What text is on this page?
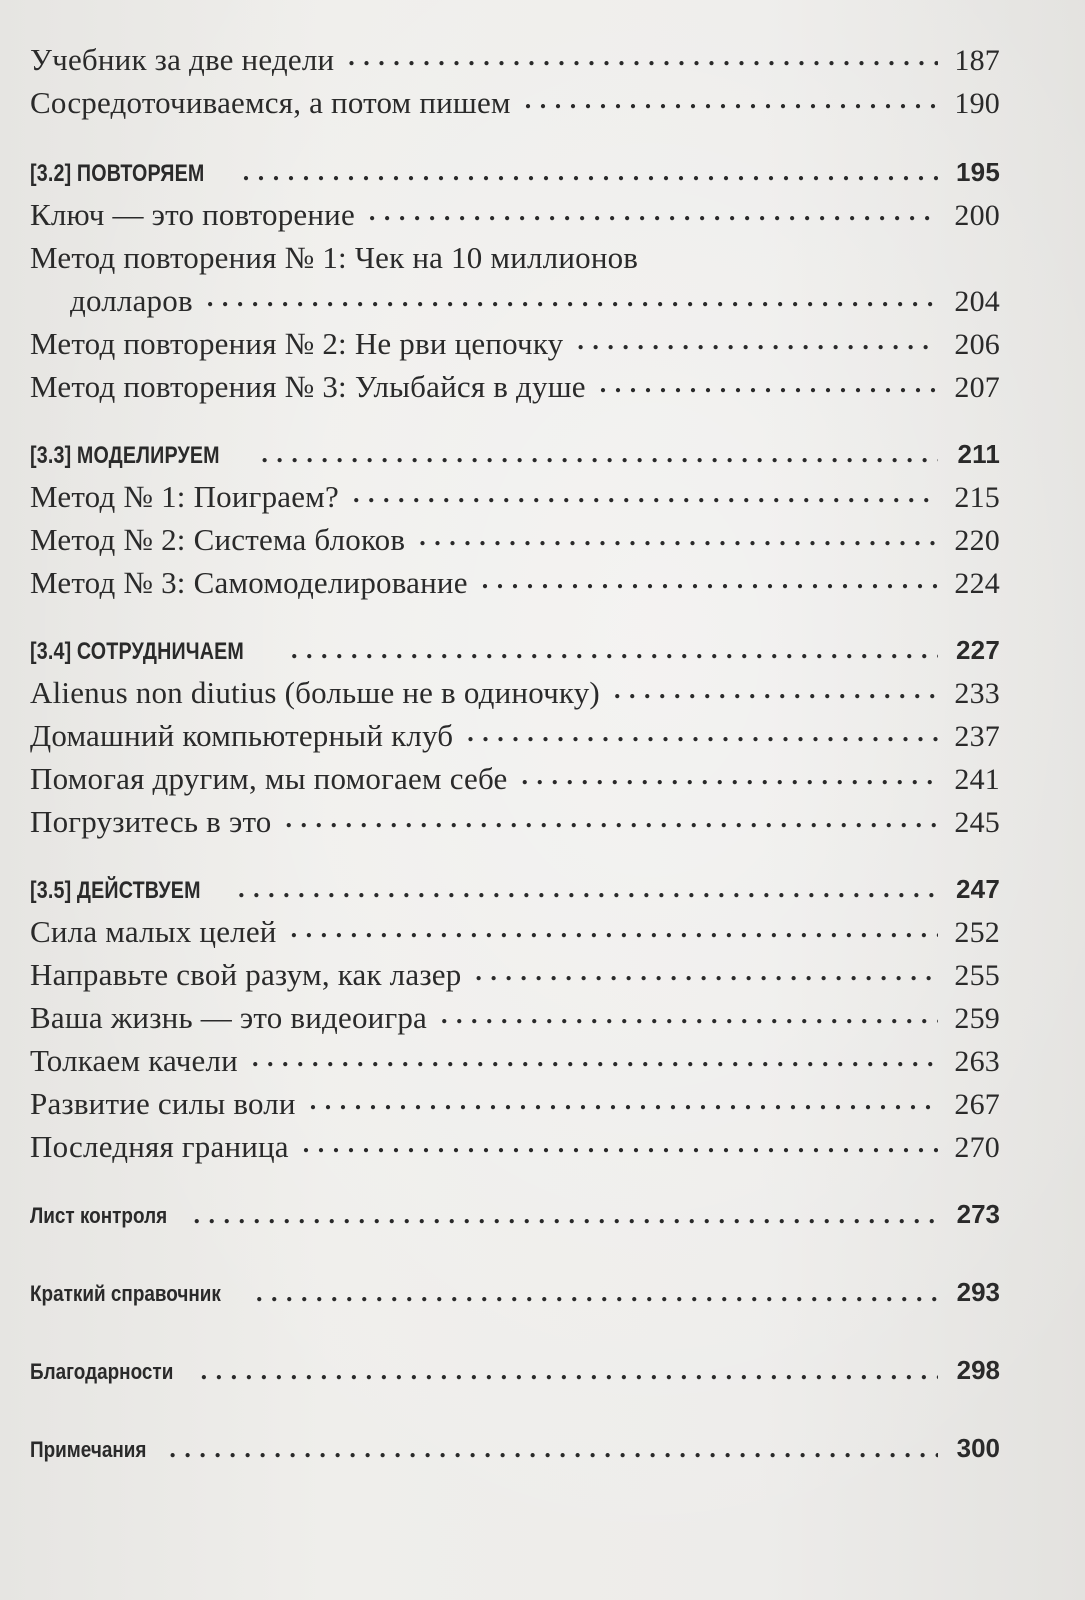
Учебник за две недели . . .	187
Сосредоточиваемся, а потом пишем . . .	190
[3.2] ПОВТОРЯЕМ . . .	195
Ключ — это повторение . . .	200
Метод повторения № 1: Чек на 10 миллионов
долларов . . .	204
Метод повторения № 2: Не рви цепочку . . .	206
Метод повторения № 3: Улыбайся в душе . . .	207
[3.3] МОДЕЛИРУЕМ . . .	211
Метод № 1: Поиграем? . . .	215
Метод № 2: Система блоков . . .	220
Метод № 3: Самомоделирование . . .	224
[3.4] СОТРУДНИЧАЕМ . . .	227
Alienus non diutius (больше не в одиночку) . . .	233
Домашний компьютерный клуб . . .	237
Помогая другим, мы помогаем себе . . .	241
Погрузитесь в это . . .	245
[3.5] ДЕЙСТВУЕМ . . .	247
Сила малых целей . . .	252
Направьте свой разум, как лазер . . .	255
Ваша жизнь — это видеоигра . . .	259
Толкаем качели . . .	263
Развитие силы воли . . .	267
Последняя граница . . .	270
Лист контроля . . .	273
Краткий справочник . . .	293
Благодарности . . .	298
Примечания . . .	300
